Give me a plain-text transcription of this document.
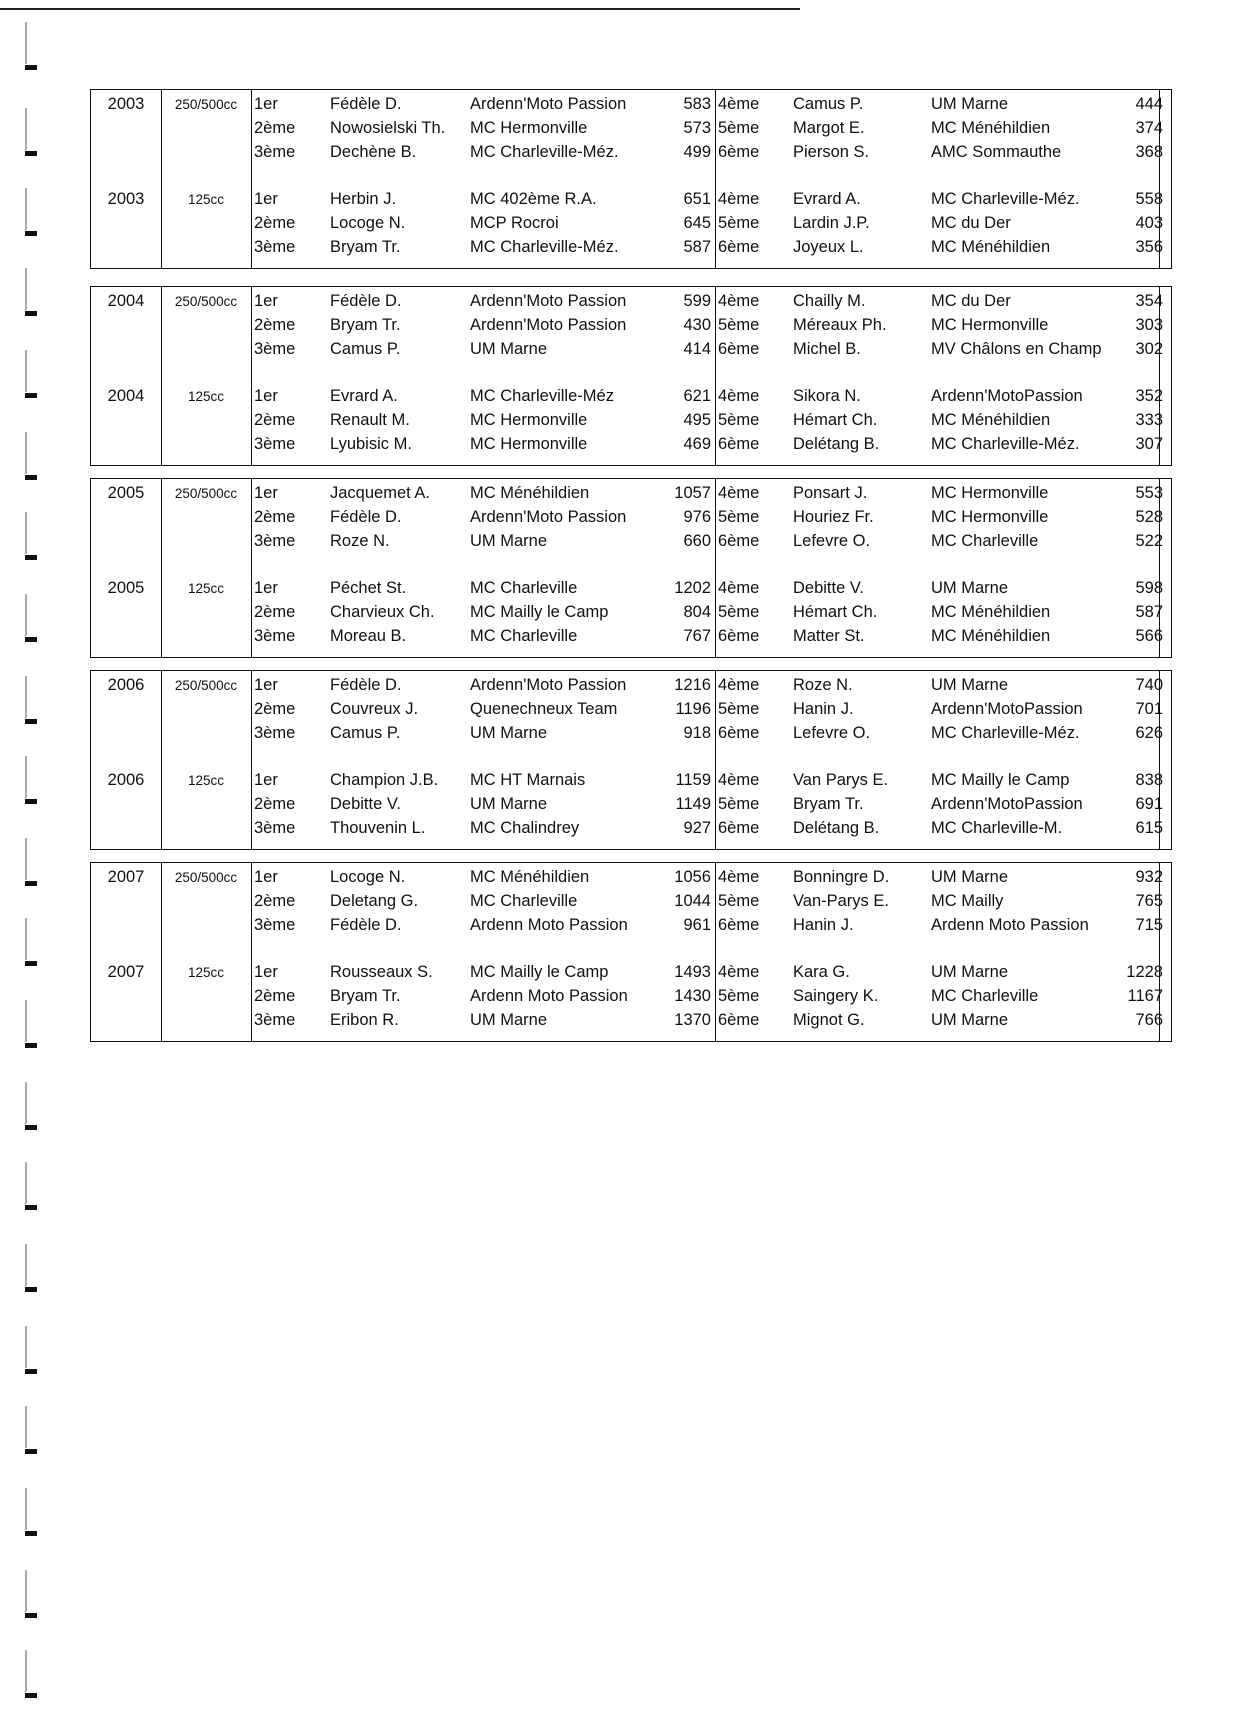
2003	250/500cc	1er	Fédèle D.	Ardenn'Moto Passion	583 4ème	Camus P.	UM Marne	444
2ème	Nowosielski Th.	MC Hermonville	573 5ème	Margot E.	MC Ménéhildien	374
3ème	Dechène B.	MC Charleville-Méz.	499 6ème	Pierson S.	AMC Sommauthe	368
2003	125cc	1er	Herbin J.	MC 402ème R.A.	651 4ème	Evrard A.	MC Charleville-Méz.	558
2ème	Locoge N.	MCP Rocroi	645 5ème	Lardin J.P.	MC du Der	403
3ème	Bryam Tr.	MC Charleville-Méz.	587 6ème	Joyeux L.	MC Ménéhildien	356
2004	250/500cc	1er	Fédèle D.	Ardenn'Moto Passion	599 4ème	Chailly M.	MC du Der	354
2ème	Bryam Tr.	Ardenn'Moto Passion	430 5ème	Méreaux Ph.	MC Hermonville	303
3ème	Camus P.	UM Marne	414 6ème	Michel B.	MV Châlons en Champ	302
2004	125cc	1er	Evrard A.	MC Charleville-Méz	621 4ème	Sikora N.	Ardenn'MotoPassion	352
2ème	Renault M.	MC Hermonville	495 5ème	Hémart Ch.	MC Ménéhildien	333
3ème	Lyubisic M.	MC Hermonville	469 6ème	Delétang B.	MC Charleville-Méz.	307
2005	250/500cc	1er	Jacquemet A.	MC Ménéhildien	1057 4ème	Ponsart J.	MC Hermonville	553
2ème	Fédèle D.	Ardenn'Moto Passion	976 5ème	Houriez Fr.	MC Hermonville	528
3ème	Roze N.	UM Marne	660 6ème	Lefevre O.	MC Charleville	522
2005	125cc	1er	Péchet St.	MC Charleville	1202 4ème	Debitte V.	UM Marne	598
2ème	Charvieux Ch.	MC Mailly le Camp	804 5ème	Hémart Ch.	MC Ménéhildien	587
3ème	Moreau B.	MC Charleville	767 6ème	Matter St.	MC Ménéhildien	566
2006	250/500cc	1er	Fédèle D.	Ardenn'Moto Passion	1216 4ème	Roze N.	UM Marne	740
2ème	Couvreux J.	Quenechneux Team	1196 5ème	Hanin J.	Ardenn'MotoPassion	701
3ème	Camus P.	UM Marne	918 6ème	Lefevre O.	MC Charleville-Méz.	626
2006	125cc	1er	Champion J.B.	MC HT Marnais	1159 4ème	Van Parys E.	MC Mailly le Camp	838
2ème	Debitte V.	UM Marne	1149 5ème	Bryam Tr.	Ardenn'MotoPassion	691
3ème	Thouvenin L.	MC Chalindrey	927 6ème	Delétang B.	MC Charleville-M.	615
2007	250/500cc	1er	Locoge N.	MC Ménéhildien	1056 4ème	Bonningre D.	UM Marne	932
2ème	Deletang G.	MC Charleville	1044 5ème	Van-Parys E.	MC Mailly	765
3ème	Fédèle D.	Ardenn Moto Passion	961 6ème	Hanin J.	Ardenn Moto Passion	715
2007	125cc	1er	Rousseaux S.	MC Mailly le Camp	1493 4ème	Kara G.	UM Marne	1228
2ème	Bryam Tr.	Ardenn Moto Passion	1430 5ème	Saingery K.	MC Charleville	1167
3ème	Eribon R.	UM Marne	1370 6ème	Mignot G.	UM Marne	766
